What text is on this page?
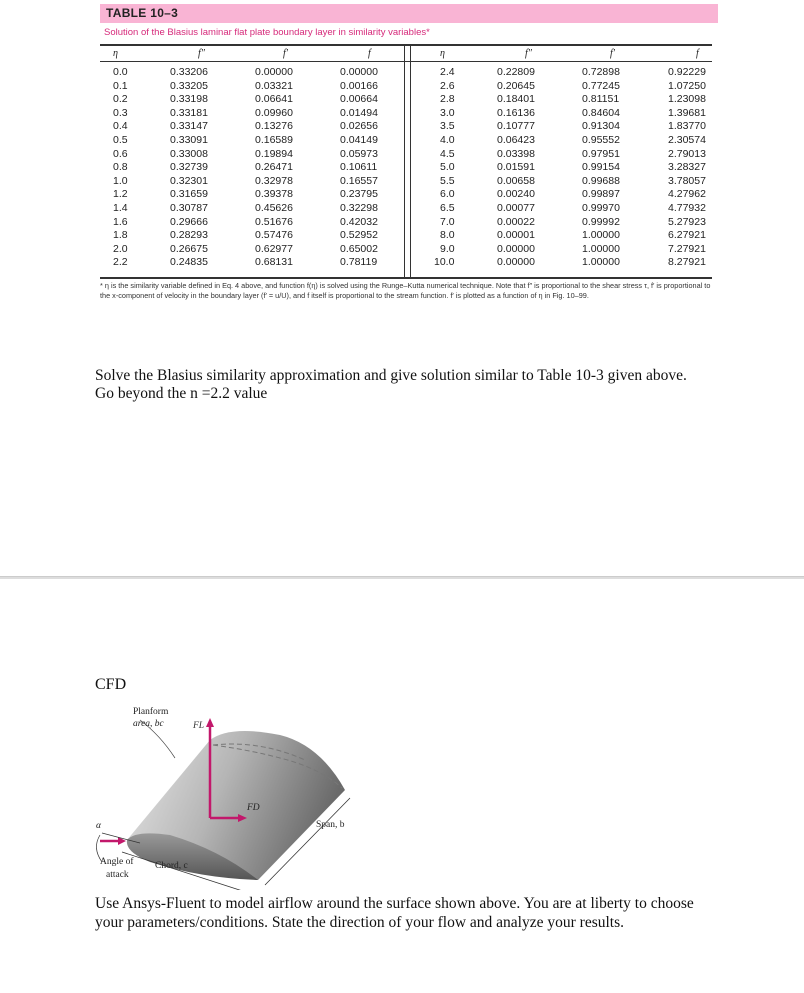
TABLE 10–3
Solution of the Blasius laminar flat plate boundary layer in similarity variables*
η	f″	f′	f	η	f″	f′	f
0.0	0.33206	0.00000	0.00000	2.4	0.22809	0.72898	0.92229
0.1	0.33205	0.03321	0.00166	2.6	0.20645	0.77245	1.07250
0.2	0.33198	0.06641	0.00664	2.8	0.18401	0.81151	1.23098
0.3	0.33181	0.09960	0.01494	3.0	0.16136	0.84604	1.39681
0.4	0.33147	0.13276	0.02656	3.5	0.10777	0.91304	1.83770
0.5	0.33091	0.16589	0.04149	4.0	0.06423	0.95552	2.30574
0.6	0.33008	0.19894	0.05973	4.5	0.03398	0.97951	2.79013
0.8	0.32739	0.26471	0.10611	5.0	0.01591	0.99154	3.28327
1.0	0.32301	0.32978	0.16557	5.5	0.00658	0.99688	3.78057
1.2	0.31659	0.39378	0.23795	6.0	0.00240	0.99897	4.27962
1.4	0.30787	0.45626	0.32298	6.5	0.00077	0.99970	4.77932
1.6	0.29666	0.51676	0.42032	7.0	0.00022	0.99992	5.27923
1.8	0.28293	0.57476	0.52952	8.0	0.00001	1.00000	6.27921
2.0	0.26675	0.62977	0.65002	9.0	0.00000	1.00000	7.27921
2.2	0.24835	0.68131	0.78119	10.0	0.00000	1.00000	8.27921
* η is the similarity variable defined in Eq. 4 above, and function f(η) is solved using the Runge–Kutta numerical technique. Note that f″ is proportional to the shear stress τ, f′ is proportional to the x-component of velocity in the boundary layer (f′ = u/U), and f itself is proportional to the stream function. f′ is plotted as a function of η in Fig. 10–99.
Solve the Blasius similarity approximation and give solution similar to Table 10-3 given above.
Go beyond the n =2.2 value
CFD
Planform
area, bc	FL
FD
Span, b
α
Angle of
attack
Chord, c
Use Ansys-Fluent to model airflow around the surface shown above. You are at liberty to choose
your parameters/conditions. State the direction of your flow and analyze your results.
